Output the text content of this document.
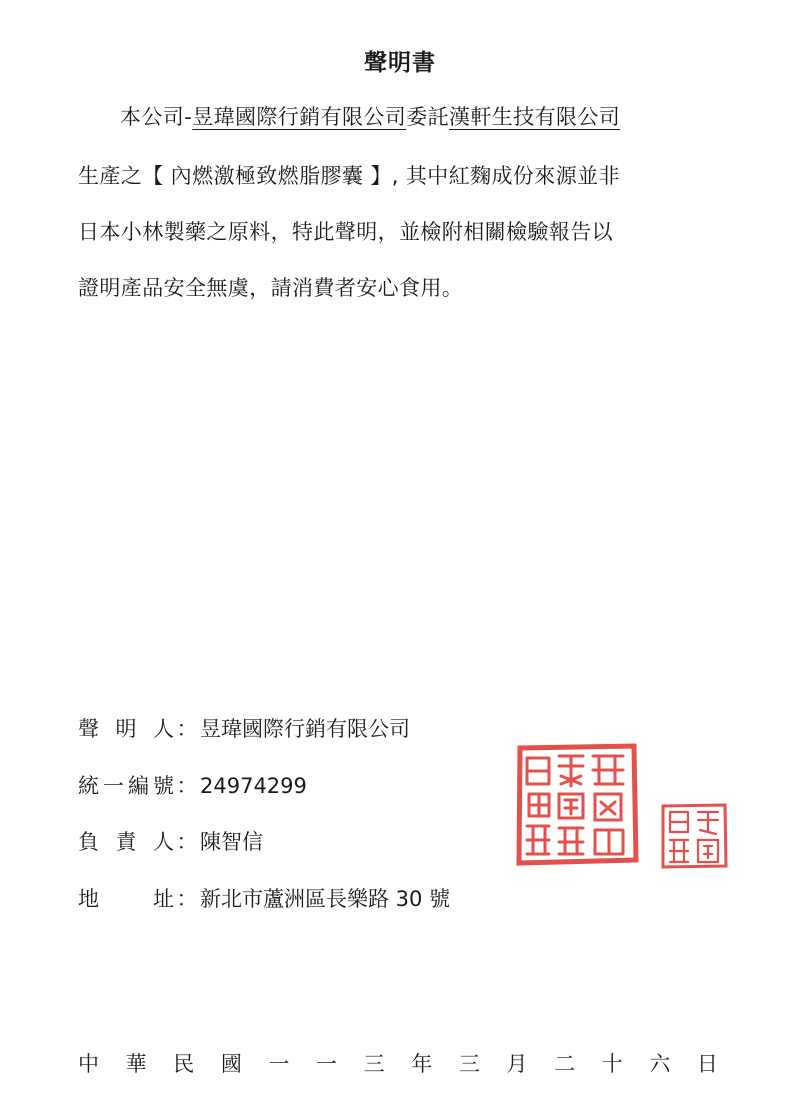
聲明書
本公司-昱瑋國際行銷有限公司委託漢軒生技有限公司
生產之【 內燃激極致燃脂膠囊 】, 其中紅麴成份來源並非
日本小林製藥之原料，特此聲明，並檢附相關檢驗報告以
證明產品安全無虞，請消費者安心食用。
聲明人 ： 昱瑋國際行銷有限公司
統一編號 ： 24974299
負責人 ： 陳智信
地址 ： 新北市蘆洲區長樂路 30 號
中 華 民 國 一 一 三 年 三 月 二 十 六 日
